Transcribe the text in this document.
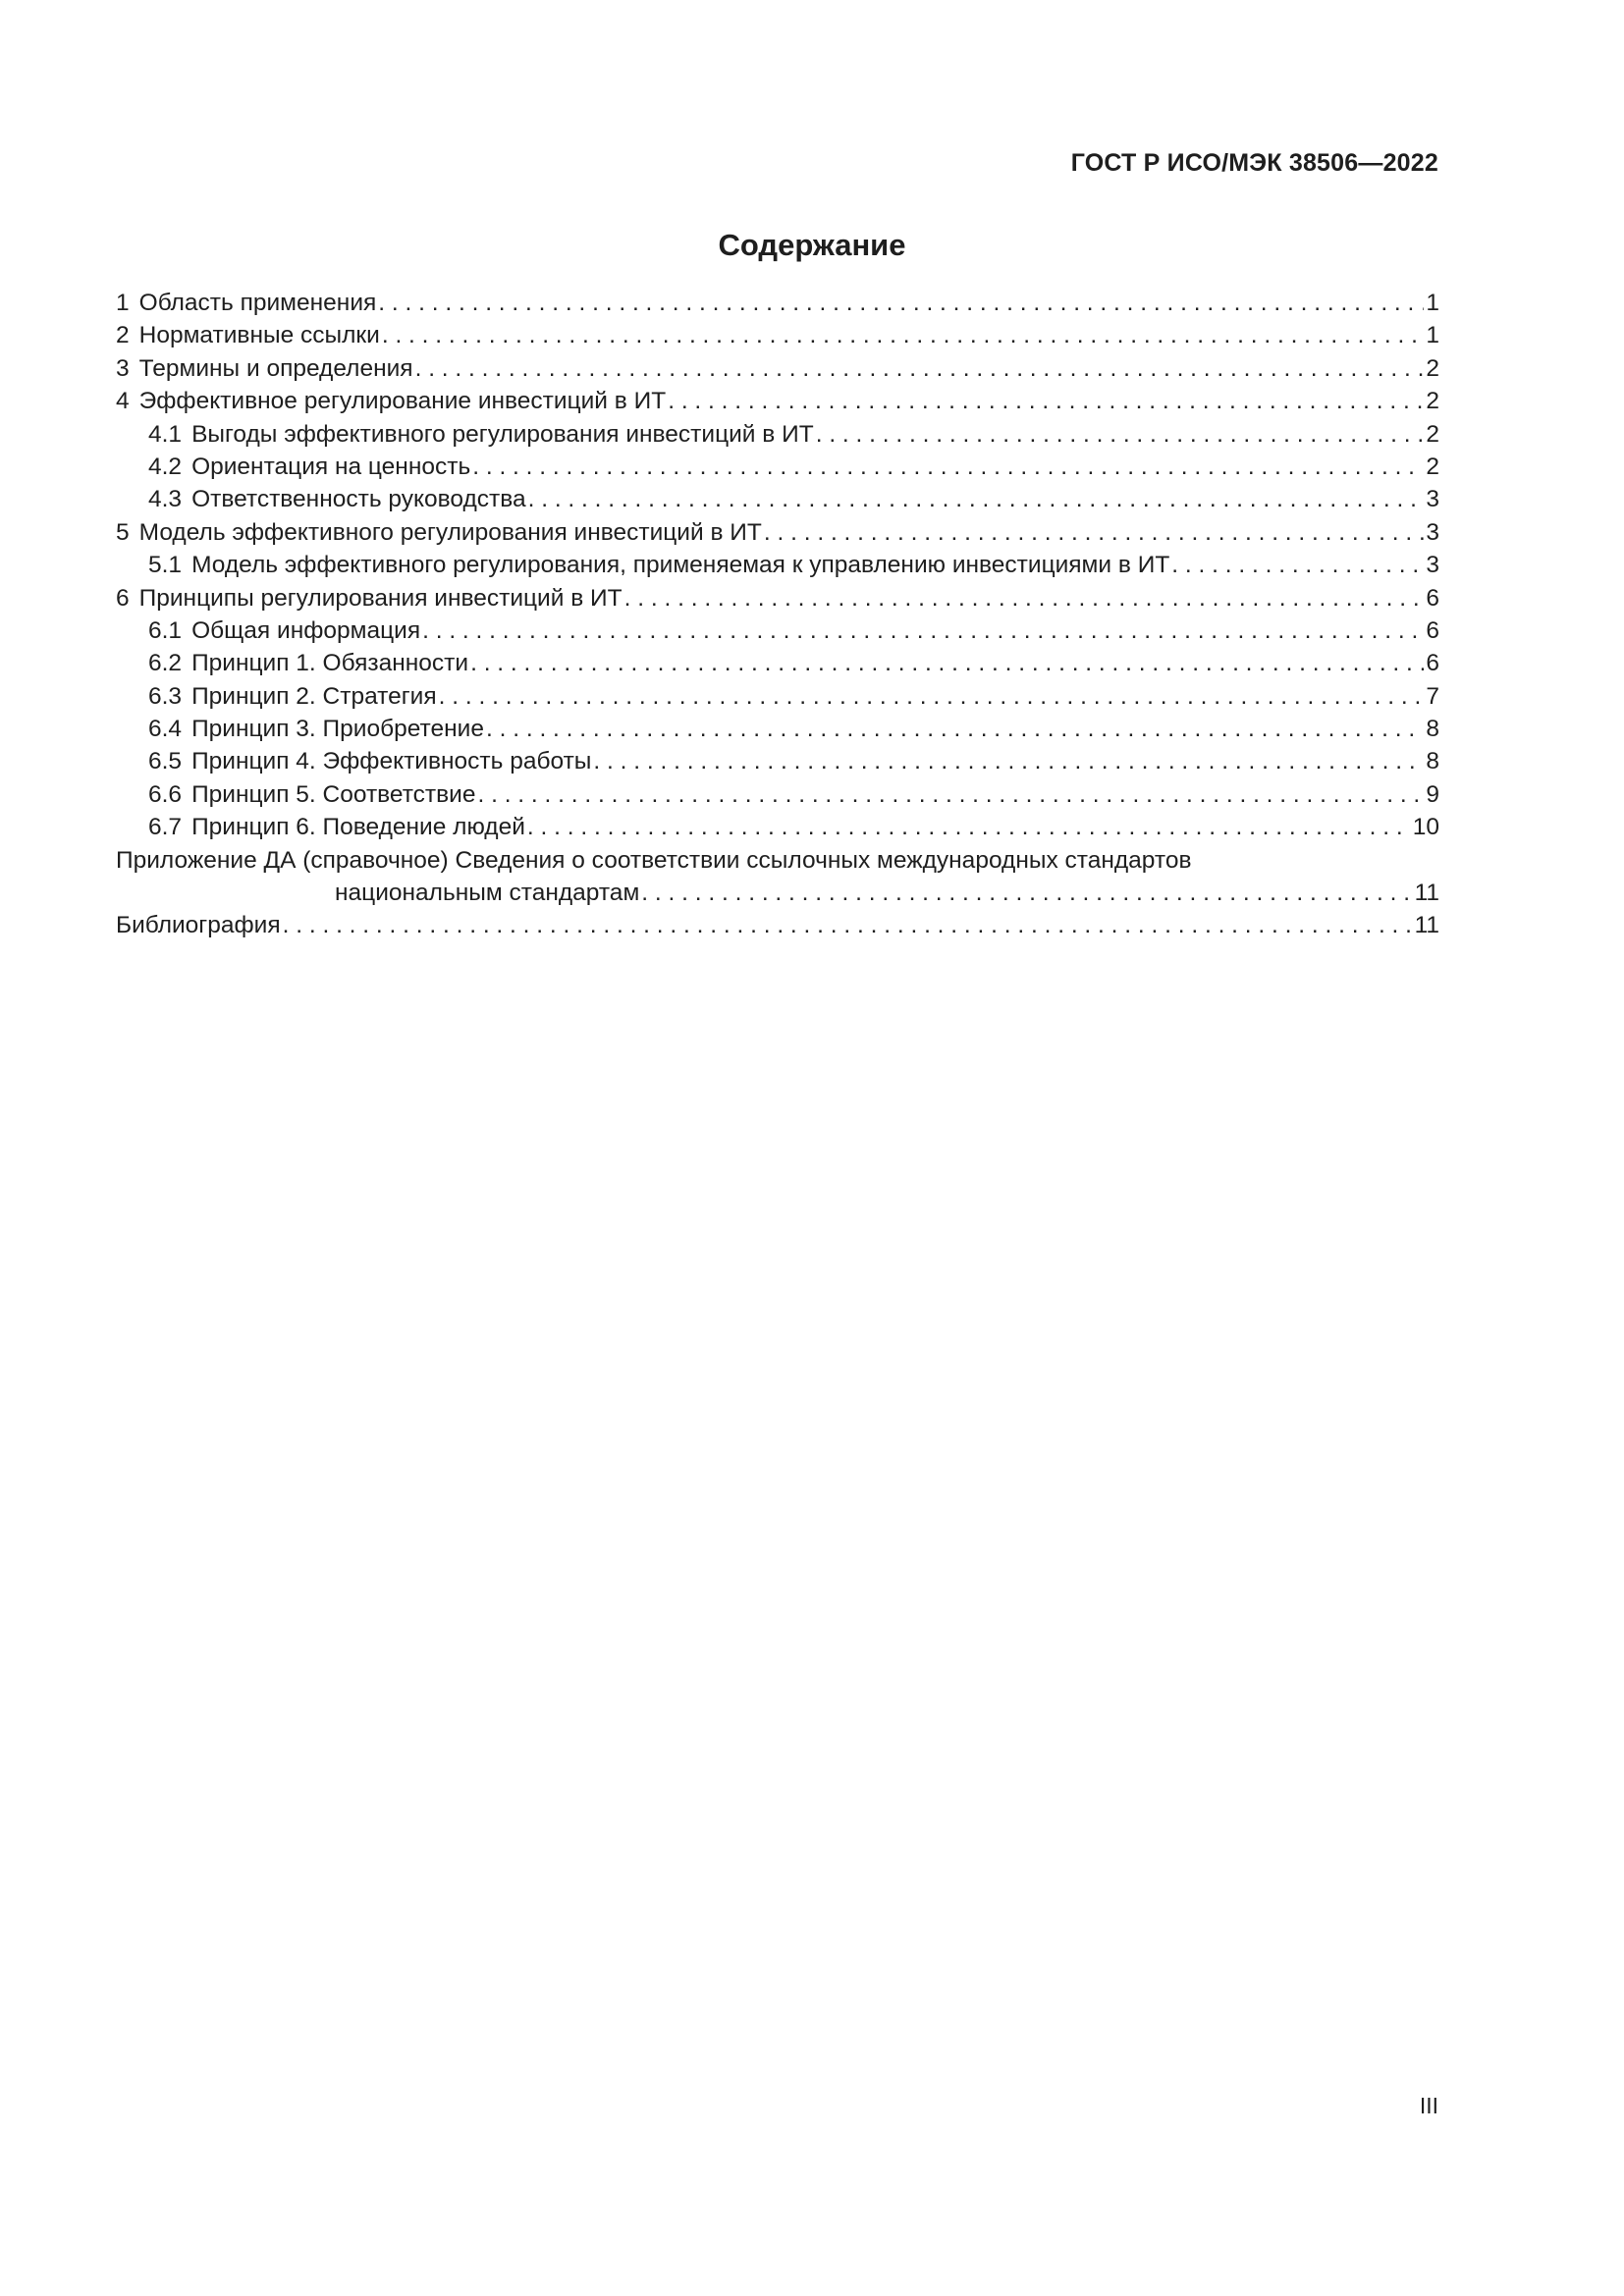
ГОСТ Р ИСО/МЭК 38506—2022
Содержание
1 Область применения . . .	1
2 Нормативные ссылки . . .	1
3 Термины и определения . . .	2
4 Эффективное регулирование инвестиций в ИТ . . .	2
4.1 Выгоды эффективного регулирования инвестиций в ИТ . . .	2
4.2 Ориентация на ценность . . .	2
4.3 Ответственность руководства . . .	3
5 Модель эффективного регулирования инвестиций в ИТ . . .	3
5.1 Модель эффективного регулирования, применяемая к управлению инвестициями в ИТ . . .	3
6 Принципы регулирования инвестиций в ИТ . . .	6
6.1 Общая информация . . .	6
6.2 Принцип 1. Обязанности . . .	6
6.3 Принцип 2. Стратегия . . .	7
6.4 Принцип 3. Приобретение . . .	8
6.5 Принцип 4. Эффективность работы . . .	8
6.6 Принцип 5. Соответствие . . .	9
6.7 Принцип 6. Поведение людей . . .	10
Приложение ДА (справочное) Сведения о соответствии ссылочных международных стандартов
национальным стандартам . . .	11
Библиография . . .	11
III
